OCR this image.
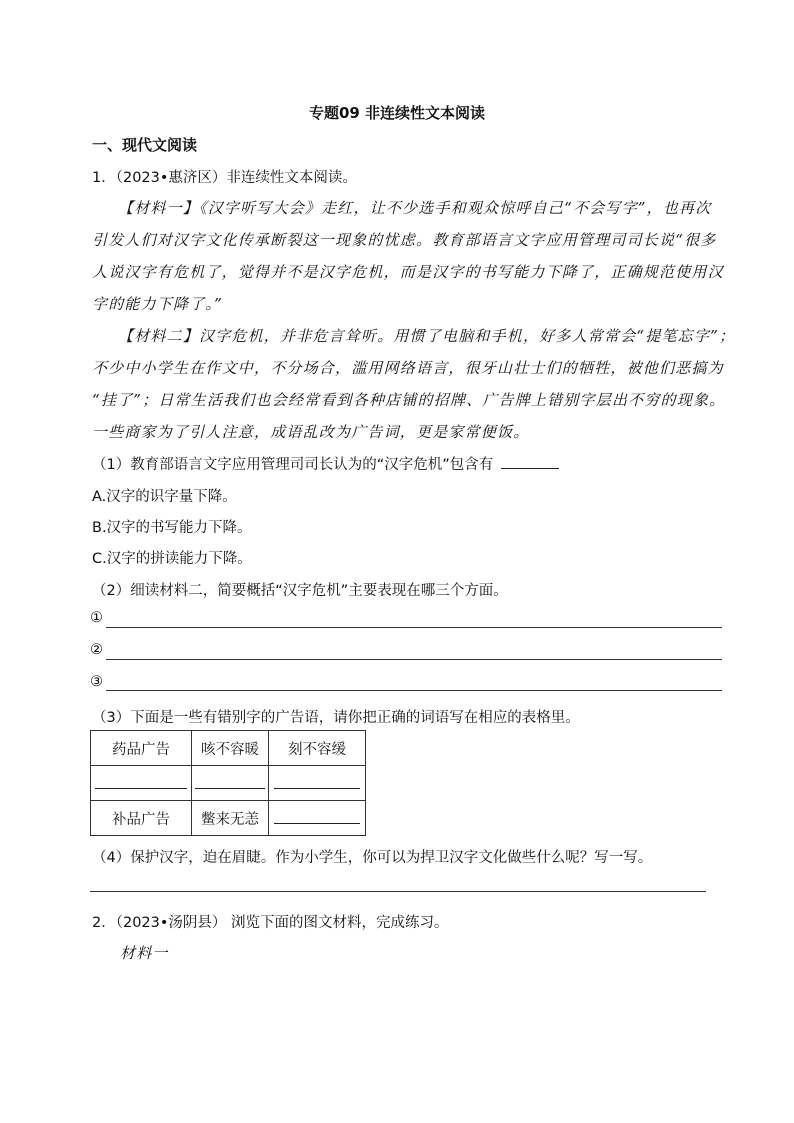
专题09 非连续性文本阅读
一、现代文阅读
1．（2023•惠济区）非连续性文本阅读。
【材料一】《汉字听写大会》走红，让不少选手和观众惊呼自己“不会写字”，也再次
引发人们对汉字文化传承断裂这一现象的忧虑。教育部语言文字应用管理司司长说“很多
人说汉字有危机了，觉得并不是汉字危机，而是汉字的书写能力下降了，正确规范使用汉
字的能力下降了。”
【材料二】汉字危机，并非危言耸听。用惯了电脑和手机，好多人常常会“提笔忘字”；
不少中小学生在作文中，不分场合，滥用网络语言，很牙山壮士们的牺牲，被他们恶搞为
“挂了”；日常生活我们也会经常看到各种店铺的招牌、广告牌上错别字层出不穷的现象。
一些商家为了引人注意，成语乱改为广告词，更是家常便饭。
（1）教育部语言文字应用管理司司长认为的“汉字危机”包含有
A.汉字的识字量下降。
B.汉字的书写能力下降。
C.汉字的拼读能力下降。
（2）细读材料二，简要概括“汉字危机”主要表现在哪三个方面。
①
②
③
（3）下面是一些有错别字的广告语，请你把正确的词语写在相应的表格里。
药品广告	咳不容暖	刻不容缓

补品广告	鳖来无恙	
（4）保护汉字，迫在眉睫。作为小学生，你可以为捍卫汉字文化做些什么呢？写一写。
2．（2023•汤阴县） 浏览下面的图文材料，完成练习。
材料一
